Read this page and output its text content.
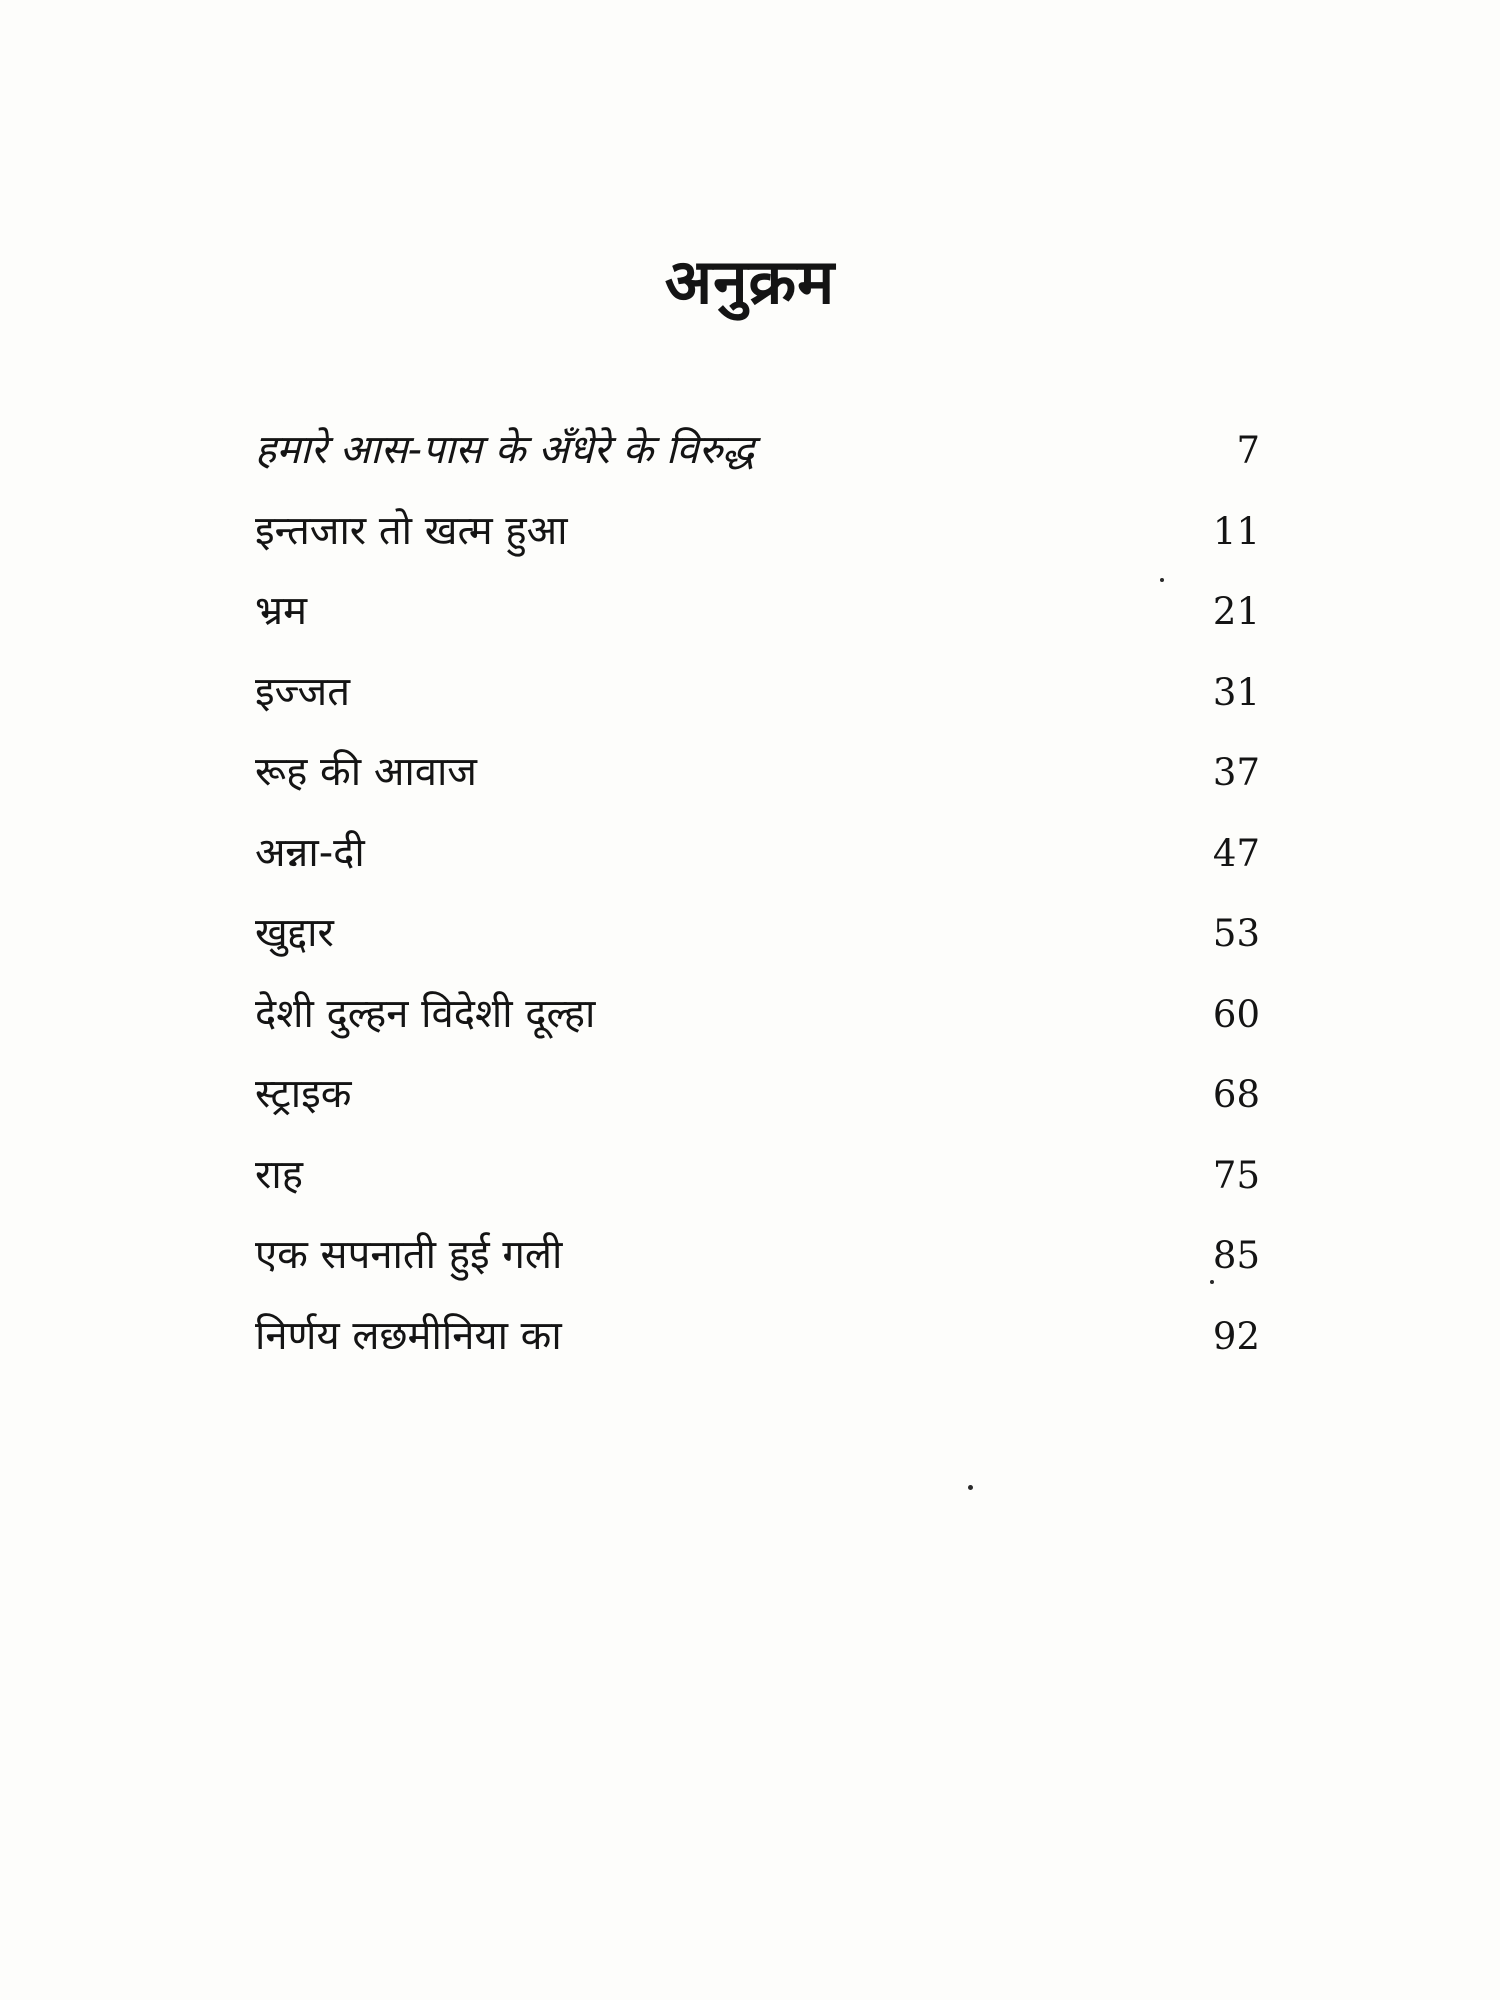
अनुक्रम
हमारे आस-पास के अँधेरे के विरुद्ध	7
इन्तजार तो खत्म हुआ	11
भ्रम	21
इज्जत	31
रूह की आवाज	37
अन्ना-दी	47
खुद्दार	53
देशी दुल्हन विदेशी दूल्हा	60
स्ट्राइक	68
राह	75
एक सपनाती हुई गली	85
निर्णय लछमीनिया का	92
